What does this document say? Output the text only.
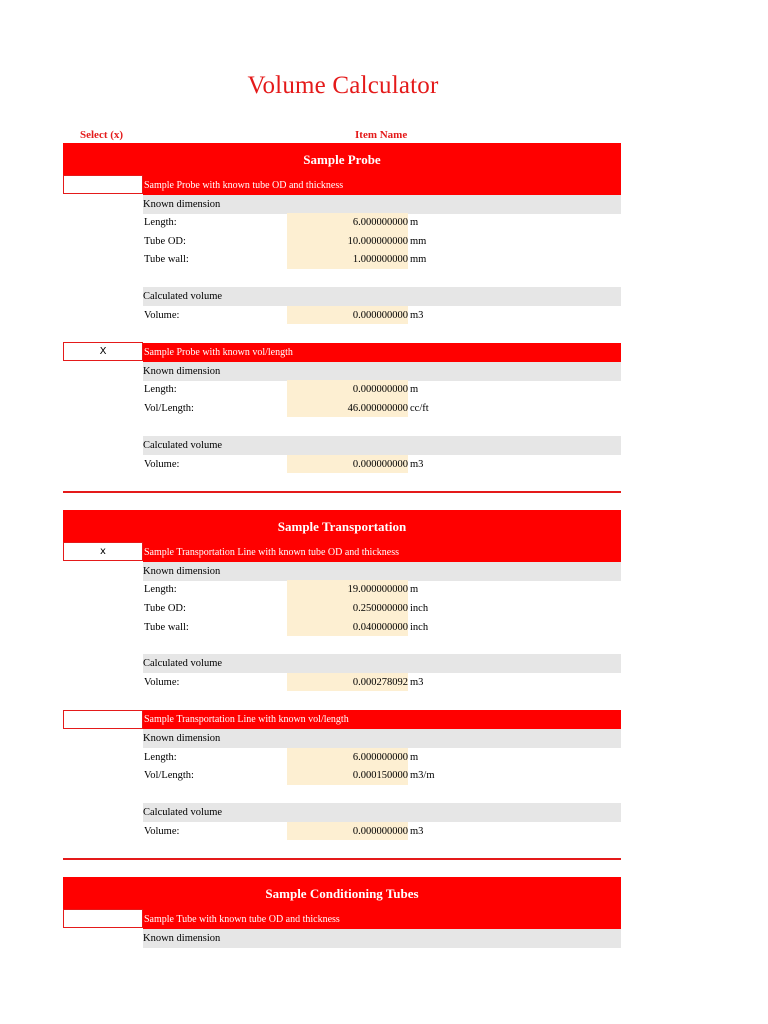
Volume Calculator
Select (x)	Item Name
Sample Probe
Sample Probe with known tube OD and thickness
Known dimension
Length:	6.000000000 m
Tube OD:	10.000000000 mm
Tube wall:	1.000000000 mm
Calculated volume
Volume:	0.000000000 m3
X	Sample Probe with known vol/length
Known dimension
Length:	0.000000000 m
Vol/Length:	46.000000000 cc/ft
Calculated volume
Volume:	0.000000000 m3
Sample Transportation
x	Sample Transportation Line with known tube OD and thickness
Known dimension
Length:	19.000000000 m
Tube OD:	0.250000000 inch
Tube wall:	0.040000000 inch
Calculated volume
Volume:	0.000278092 m3
Sample Transportation Line with known vol/length
Known dimension
Length:	6.000000000 m
Vol/Length:	0.000150000 m3/m
Calculated volume
Volume:	0.000000000 m3
Sample Conditioning Tubes
Sample Tube with known tube OD and thickness
Known dimension
